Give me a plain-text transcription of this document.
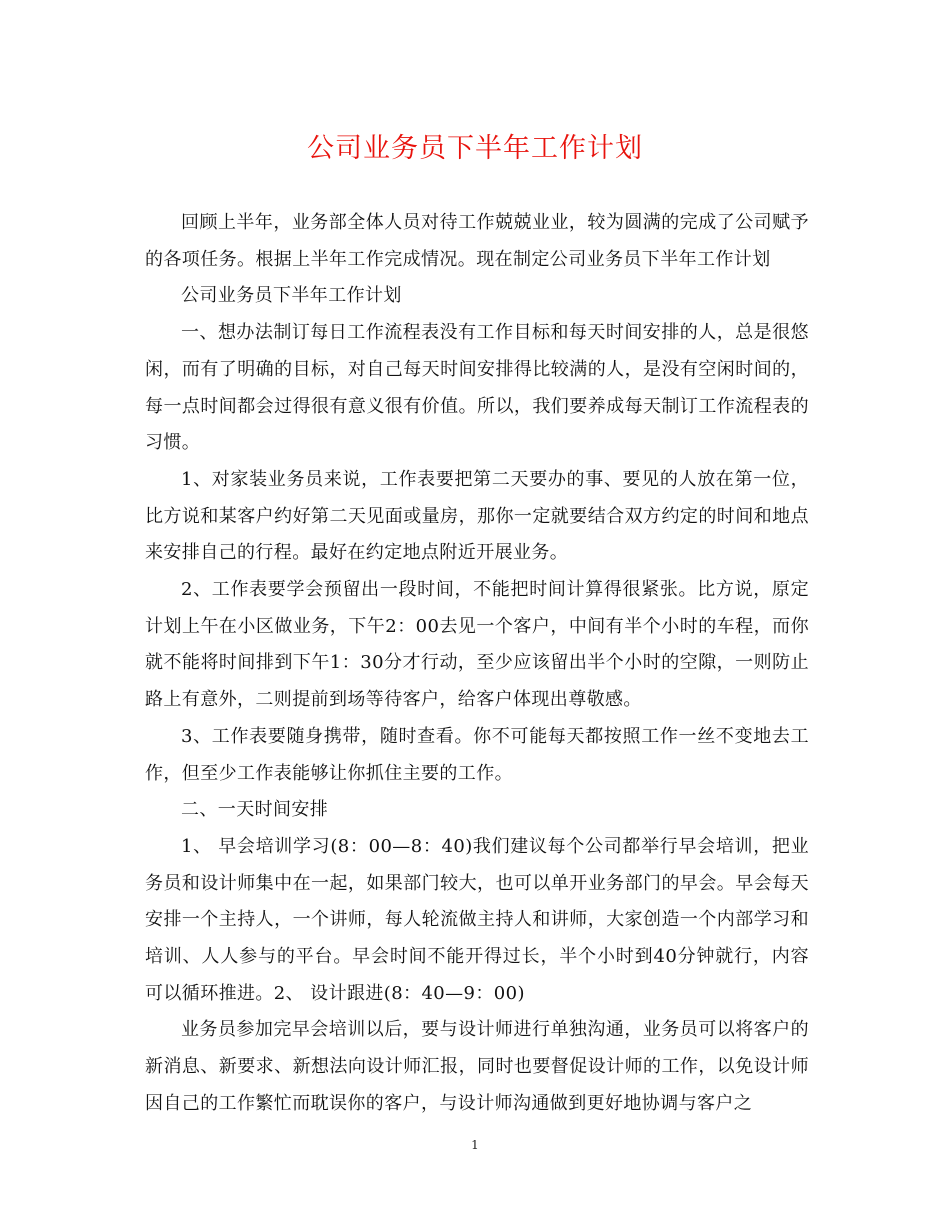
公司业务员下半年工作计划

回顾上半年，业务部全体人员对待工作兢兢业业，较为圆满的完成了公司赋予的各项任务。根据上半年工作完成情况。现在制定公司业务员下半年工作计划

公司业务员下半年工作计划

一、想办法制订每日工作流程表没有工作目标和每天时间安排的人，总是很悠闲，而有了明确的目标，对自己每天时间安排得比较满的人，是没有空闲时间的，每一点时间都会过得很有意义很有价值。所以，我们要养成每天制订工作流程表的习惯。

1、对家装业务员来说，工作表要把第二天要办的事、要见的人放在第一位，比方说和某客户约好第二天见面或量房，那你一定就要结合双方约定的时间和地点来安排自己的行程。最好在约定地点附近开展业务。

2、工作表要学会预留出一段时间，不能把时间计算得很紧张。比方说，原定计划上午在小区做业务，下午2：00去见一个客户，中间有半个小时的车程，而你就不能将时间排到下午1：30分才行动，至少应该留出半个小时的空隙，一则防止路上有意外，二则提前到场等待客户，给客户体现出尊敬感。

3、工作表要随身携带，随时查看。你不可能每天都按照工作一丝不变地去工作，但至少工作表能够让你抓住主要的工作。

二、一天时间安排

1、 早会培训学习(8：00—8：40)我们建议每个公司都举行早会培训，把业务员和设计师集中在一起，如果部门较大，也可以单开业务部门的早会。早会每天安排一个主持人，一个讲师，每人轮流做主持人和讲师，大家创造一个内部学习和培训、人人参与的平台。早会时间不能开得过长，半个小时到40分钟就行，内容可以循环推进。2、 设计跟进(8：40—9：00)

业务员参加完早会培训以后，要与设计师进行单独沟通，业务员可以将客户的新消息、新要求、新想法向设计师汇报，同时也要督促设计师的工作，以免设计师因自己的工作繁忙而耽误你的客户，与设计师沟通做到更好地协调与客户之

1
